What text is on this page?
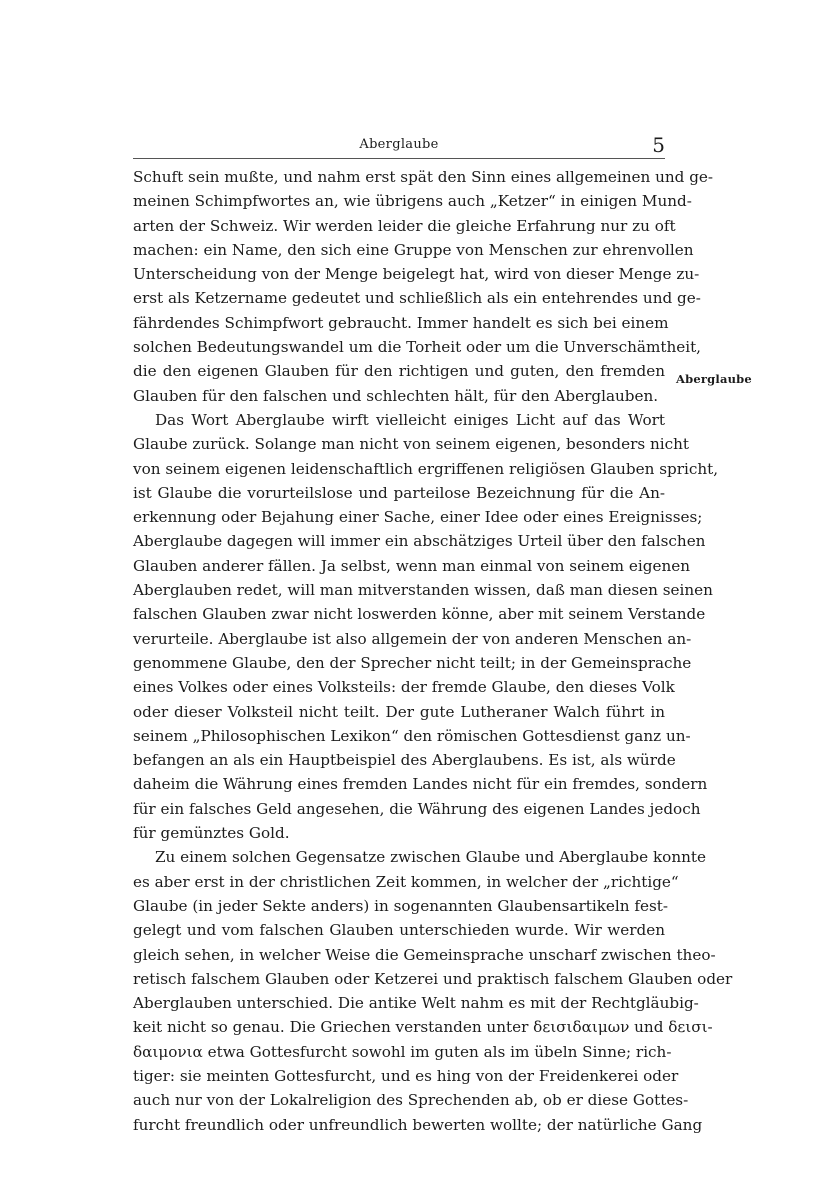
Aberglaube	5
Aberglaube
Schuft sein mußte, und nahm erst spät den Sinn eines allgemeinen und ge-
meinen Schimpfwortes an, wie übrigens auch „Ketzer“ in einigen Mund-
arten der Schweiz. Wir werden leider die gleiche Erfahrung nur zu oft
machen: ein Name, den sich eine Gruppe von Menschen zur ehrenvollen
Unterscheidung von der Menge beigelegt hat, wird von dieser Menge zu-
erst als Ketzername gedeutet und schließlich als ein entehrendes und ge-
fährdendes Schimpfwort gebraucht. Immer handelt es sich bei einem
solchen Bedeutungswandel um die Torheit oder um die Unverschämtheit,
die den eigenen Glauben für den richtigen und guten, den fremden
Glauben für den falschen und schlechten hält, für den Aberglauben.
Das Wort Aberglaube wirft vielleicht einiges Licht auf das Wort
Glaube zurück. Solange man nicht von seinem eigenen, besonders nicht
von seinem eigenen leidenschaftlich ergriffenen religiösen Glauben spricht,
ist Glaube die vorurteilslose und parteilose Bezeichnung für die An-
erkennung oder Bejahung einer Sache, einer Idee oder eines Ereignisses;
Aberglaube dagegen will immer ein abschätziges Urteil über den falschen
Glauben anderer fällen. Ja selbst, wenn man einmal von seinem eigenen
Aberglauben redet, will man mitverstanden wissen, daß man diesen seinen
falschen Glauben zwar nicht loswerden könne, aber mit seinem Verstande
verurteile. Aberglaube ist also allgemein der von anderen Menschen an-
genommene Glaube, den der Sprecher nicht teilt; in der Gemeinsprache
eines Volkes oder eines Volksteils: der fremde Glaube, den dieses Volk
oder dieser Volksteil nicht teilt. Der gute Lutheraner Walch führt in
seinem „Philosophischen Lexikon“ den römischen Gottesdienst ganz un-
befangen an als ein Hauptbeispiel des Aberglaubens. Es ist, als würde
daheim die Währung eines fremden Landes nicht für ein fremdes, sondern
für ein falsches Geld angesehen, die Währung des eigenen Landes jedoch
für gemünztes Gold.
Zu einem solchen Gegensatze zwischen Glaube und Aberglaube konnte
es aber erst in der christlichen Zeit kommen, in welcher der „richtige“
Glaube (in jeder Sekte anders) in sogenannten Glaubensartikeln fest-
gelegt und vom falschen Glauben unterschieden wurde. Wir werden
gleich sehen, in welcher Weise die Gemeinsprache unscharf zwischen theo-
retisch falschem Glauben oder Ketzerei und praktisch falschem Glauben oder
Aberglauben unterschied. Die antike Welt nahm es mit der Rechtgläubig-
keit nicht so genau. Die Griechen verstanden unter δεισιδαιμων und δεισι-
δαιμονια etwa Gottesfurcht sowohl im guten als im übeln Sinne; rich-
tiger: sie meinten Gottesfurcht, und es hing von der Freidenkerei oder
auch nur von der Lokalreligion des Sprechenden ab, ob er diese Gottes-
furcht freundlich oder unfreundlich bewerten wollte; der natürliche Gang
